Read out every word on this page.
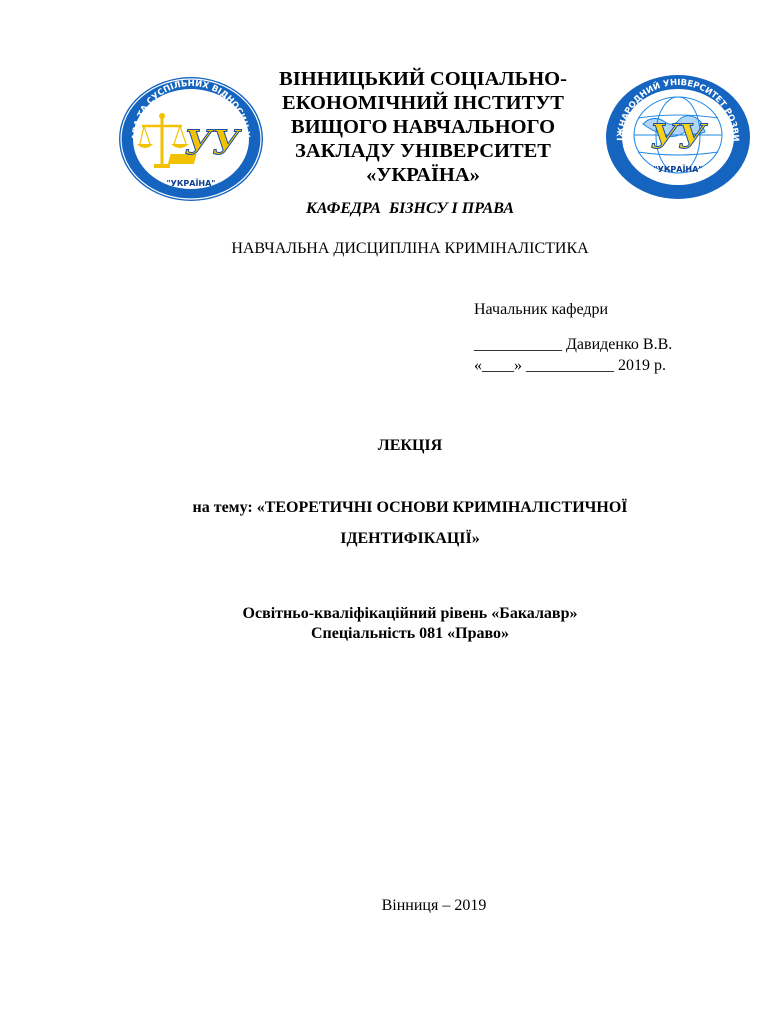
АВА ТА СУСПІЛЬНИХ ВІДНОСИН У
"УКРАЇНА"
УУ	ІЖНАРОДНИЙ УНІВЕРСИТЕТ РОЗВИ
УУ
"УКРАЇНА"
ВІННИЦЬКИЙ СОЦІАЛЬНО-
ЕКОНОМІЧНИЙ ІНСТИТУТ
ВИЩОГО НАВЧАЛЬНОГО
ЗАКЛАДУ УНІВЕРСИТЕТ
«УКРАЇНА»
КАФЕДРА  БІЗНСУ І ПРАВА
НАВЧАЛЬНА ДИСЦИПЛІНА КРИМІНАЛІСТИКА
Начальник кафедри
___________ Давиденко В.В.
«____» ___________ 2019 р.
ЛЕКЦІЯ
на тему: «ТЕОРЕТИЧНІ ОСНОВИ КРИМІНАЛІСТИЧНОЇ
ІДЕНТИФІКАЦІЇ»
Освітньо-кваліфікаційний рівень «Бакалавр»
Спеціальність 081 «Право»
Вінниця – 2019
